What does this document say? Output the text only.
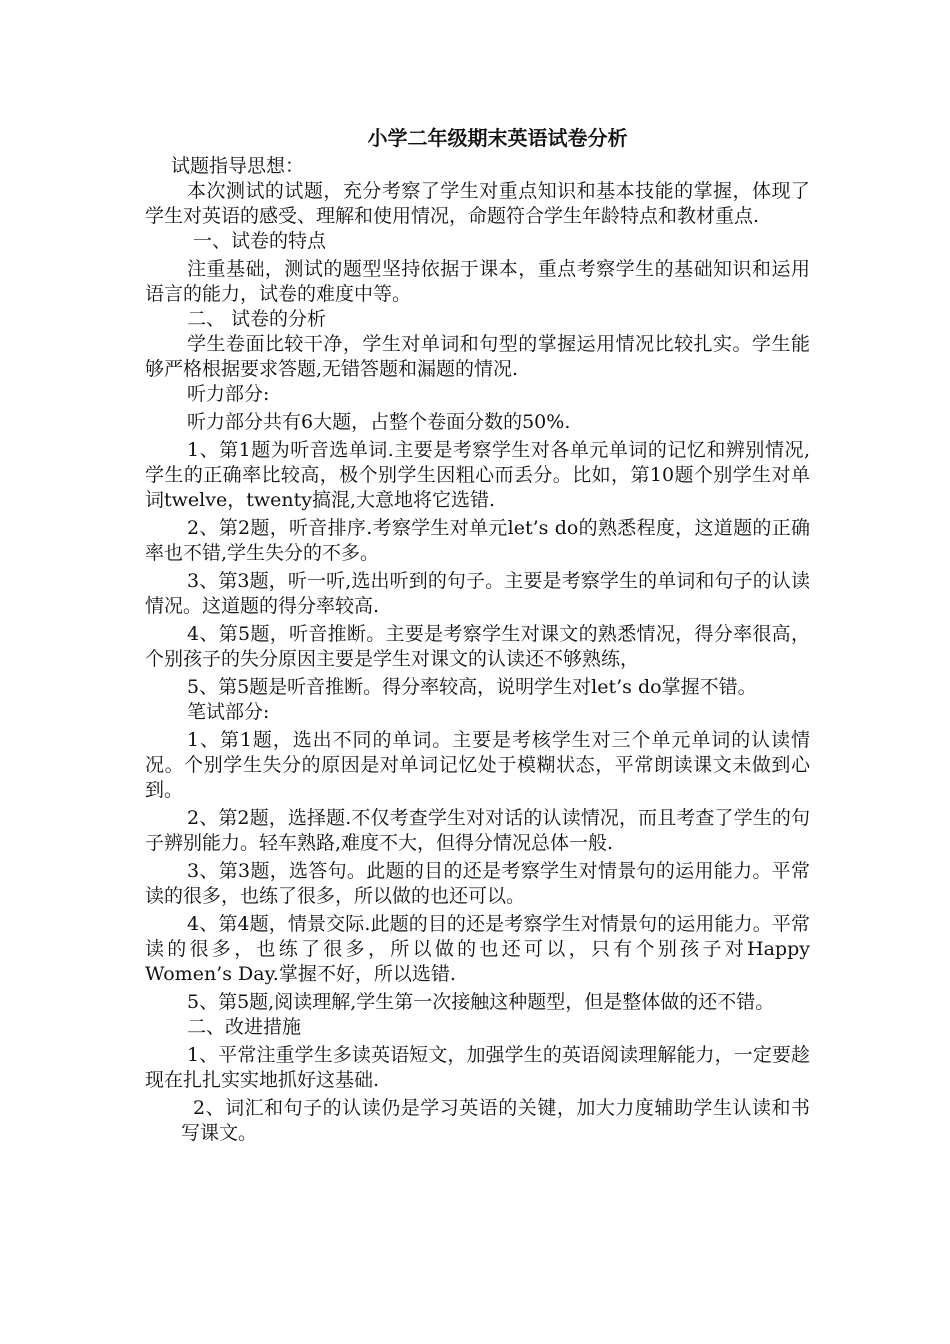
小学二年级期末英语试卷分析

试题指导思想：

本次测试的试题，充分考察了学生对重点知识和基本技能的掌握，体现了学生对英语的感受、理解和使用情况，命题符合学生年龄特点和教材重点.

一、试卷的特点

注重基础，测试的题型坚持依据于课本，重点考察学生的基础知识和运用语言的能力，试卷的难度中等。

二、 试卷的分析

学生卷面比较干净，学生对单词和句型的掌握运用情况比较扎实。学生能够严格根据要求答题,无错答题和漏题的情况.

听力部分:

听力部分共有6大题，占整个卷面分数的50%.

1、第1题为听音选单词.主要是考察学生对各单元单词的记忆和辨别情况,学生的正确率比较高，极个别学生因粗心而丢分。比如，第10题个别学生对单词twelve，twenty搞混,大意地将它选错.

2、第2题，听音排序.考察学生对单元let’s do的熟悉程度，这道题的正确率也不错,学生失分的不多。

3、第3题，听一听,选出听到的句子。主要是考察学生的单词和句子的认读情况。这道题的得分率较高.

4、第5题，听音推断。主要是考察学生对课文的熟悉情况，得分率很高，个别孩子的失分原因主要是学生对课文的认读还不够熟练，

5、第5题是听音推断。得分率较高，说明学生对let’s do掌握不错。

笔试部分:

1、第1题，选出不同的单词。主要是考核学生对三个单元单词的认读情况。个别学生失分的原因是对单词记忆处于模糊状态，平常朗读课文未做到心到。

2、第2题，选择题.不仅考查学生对对话的认读情况，而且考查了学生的句子辨别能力。轻车熟路,难度不大，但得分情况总体一般.

3、第3题，选答句。此题的目的还是考察学生对情景句的运用能力。平常读的很多，也练了很多，所以做的也还可以。

4、第4题，情景交际.此题的目的还是考察学生对情景句的运用能力。平常读的很多，也练了很多，所以做的也还可以，只有个别孩子对Happy Women’s Day.掌握不好，所以选错.

5、第5题,阅读理解,学生第一次接触这种题型，但是整体做的还不错。

二、改进措施

1、平常注重学生多读英语短文，加强学生的英语阅读理解能力，一定要趁现在扎扎实实地抓好这基础.

2、词汇和句子的认读仍是学习英语的关键，加大力度辅助学生认读和书写课文。
